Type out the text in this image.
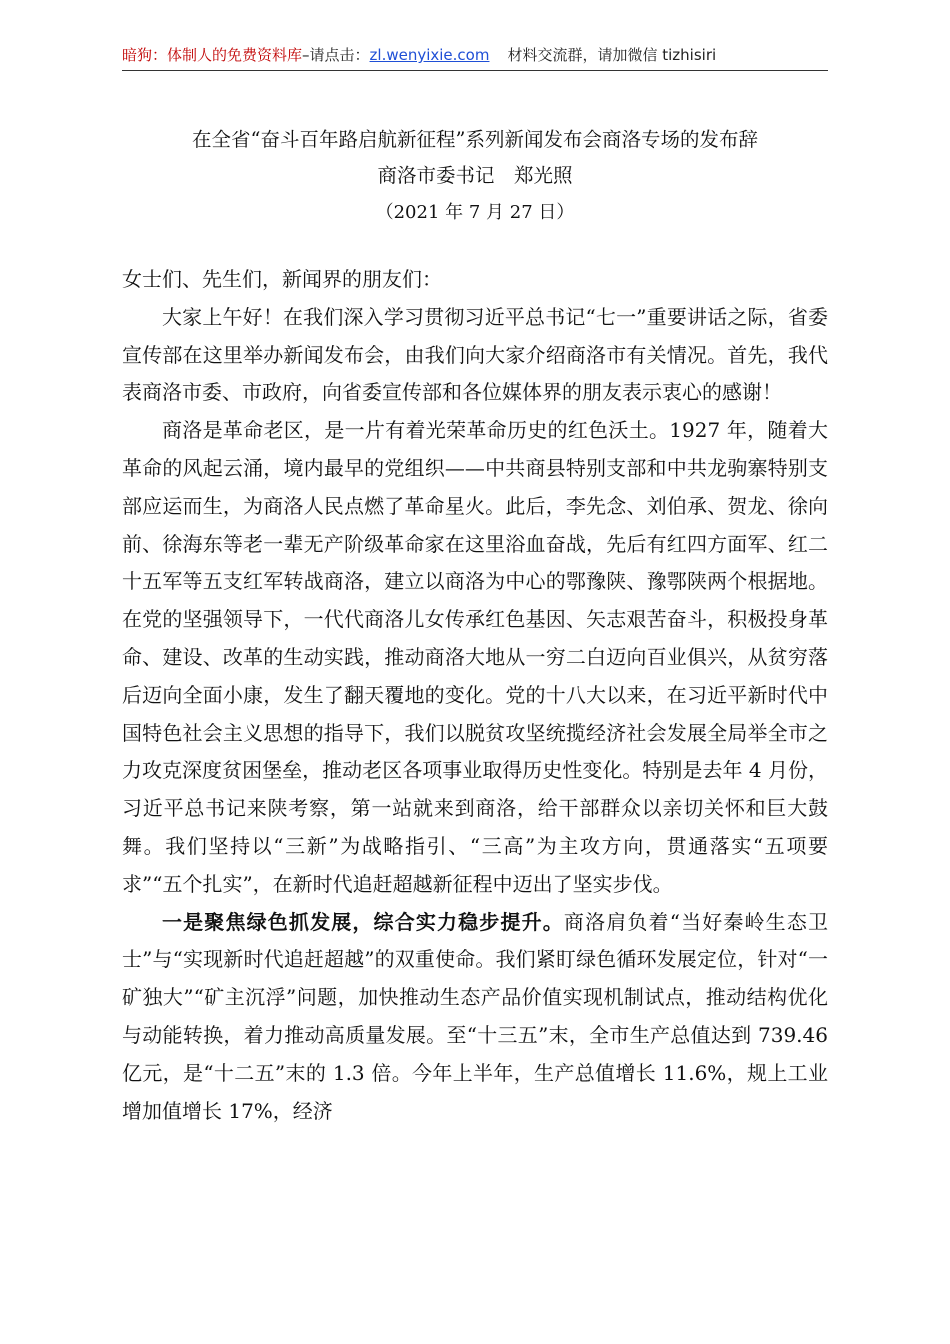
暗狗：体制人的免费资料库–请点击：zl.wenyixie.com 材料交流群，请加微信 tizhisiri
在全省“奋斗百年路启航新征程”系列新闻发布会商洛专场的发布辞
商洛市委书记　郑光照
（2021 年 7 月 27 日）

女士们、先生们，新闻界的朋友们：

大家上午好！在我们深入学习贯彻习近平总书记“七一”重要讲话之际，省委宣传部在这里举办新闻发布会，由我们向大家介绍商洛市有关情况。首先，我代表商洛市委、市政府，向省委宣传部和各位媒体界的朋友表示衷心的感谢！

商洛是革命老区，是一片有着光荣革命历史的红色沃土。1927 年，随着大革命的风起云涌，境内最早的党组织——中共商县特别支部和中共龙驹寨特别支部应运而生，为商洛人民点燃了革命星火。此后，李先念、刘伯承、贺龙、徐向前、徐海东等老一辈无产阶级革命家在这里浴血奋战，先后有红四方面军、红二十五军等五支红军转战商洛，建立以商洛为中心的鄂豫陕、豫鄂陕两个根据地。在党的坚强领导下，一代代商洛儿女传承红色基因、矢志艰苦奋斗，积极投身革命、建设、改革的生动实践，推动商洛大地从一穷二白迈向百业俱兴，从贫穷落后迈向全面小康，发生了翻天覆地的变化。党的十八大以来，在习近平新时代中国特色社会主义思想的指导下，我们以脱贫攻坚统揽经济社会发展全局举全市之力攻克深度贫困堡垒，推动老区各项事业取得历史性变化。特别是去年 4 月份，习近平总书记来陕考察，第一站就来到商洛，给干部群众以亲切关怀和巨大鼓舞。我们坚持以“三新”为战略指引、“三高”为主攻方向，贯通落实“五项要求”“五个扎实”，在新时代追赶超越新征程中迈出了坚实步伐。

一是聚焦绿色抓发展，综合实力稳步提升。商洛肩负着“当好秦岭生态卫士”与“实现新时代追赶超越”的双重使命。我们紧盯绿色循环发展定位，针对“一矿独大”“矿主沉浮”问题，加快推动生态产品价值实现机制试点，推动结构优化与动能转换，着力推动高质量发展。至“十三五”末，全市生产总值达到 739.46 亿元，是“十二五”末的 1.3 倍。今年上半年，生产总值增长 11.6%，规上工业增加值增长 17%，经济
